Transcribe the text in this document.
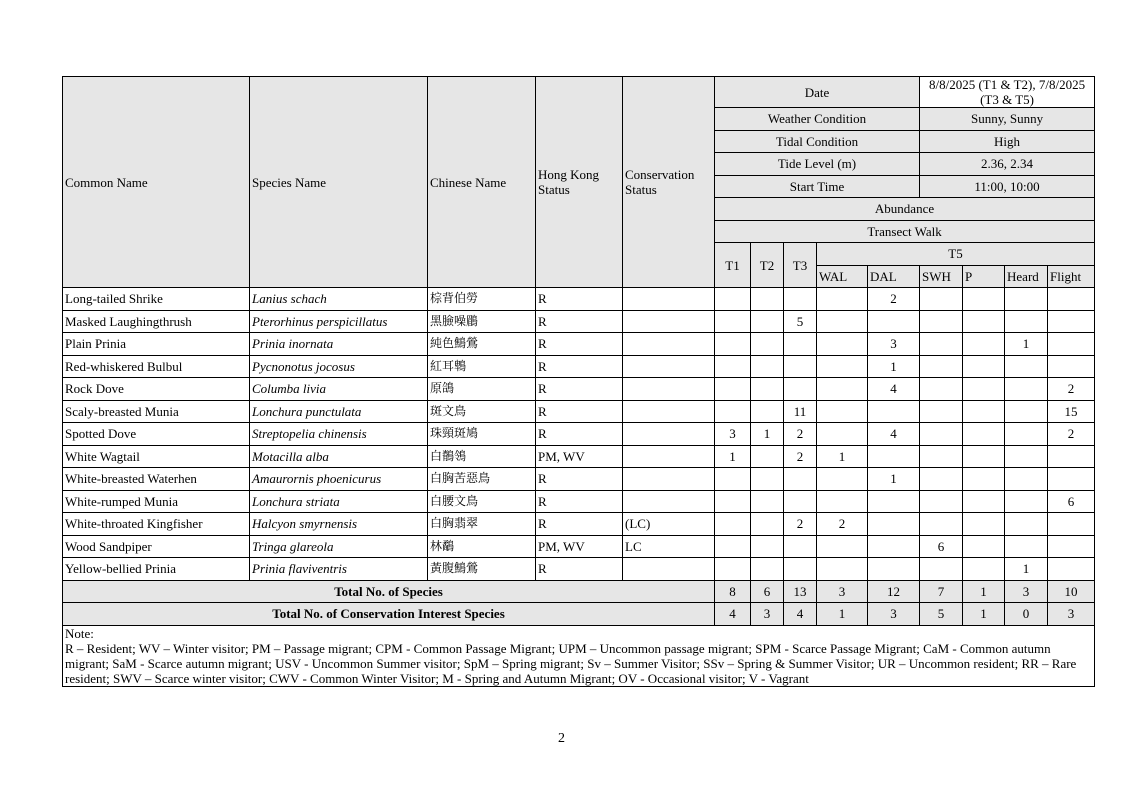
Common Name	Species Name	Chinese Name	Hong Kong Status	Conservation Status	Date					8/8/2025 (T1 & T2), 7/8/2025 (T3 & T5)			

					Weather Condition					Sunny, Sunny			
					Tidal Condition					High			
					Tide Level (m)					2.36, 2.34			
					Start Time					11:00, 10:00			
					Abundance								
					Transect Walk								
					T1	T2	T3	T5					
								WAL	DAL	SWH	P	Heard	Flight
Long-tailed Shrike	Lanius schach	棕背伯勞	R						2				
Masked Laughingthrush	Pterorhinus perspicillatus	黑臉噪鶥	R				5						
Plain Prinia	Prinia inornata	純色鷦鶯	R						3			1	
Red-whiskered Bulbul	Pycnonotus jocosus	紅耳鵯	R						1				
Rock Dove	Columba livia	原鴿	R						4				2
Scaly-breasted Munia	Lonchura punctulata	斑文鳥	R				11						15
Spotted Dove	Streptopelia chinensis	珠頸斑鳩	R		3	1	2		4				2
White Wagtail	Motacilla alba	白鶺鴒	PM, WV		1		2	1					
White-breasted Waterhen	Amaurornis phoenicurus	白胸苦惡鳥	R						1				
White-rumped Munia	Lonchura striata	白腰文鳥	R										6
White-throated Kingfisher	Halcyon smyrnensis	白胸翡翠	R	(LC)			2	2					
Wood Sandpiper	Tringa glareola	林鷸	PM, WV	LC						6			
Yellow-bellied Prinia	Prinia flaviventris	黃腹鷦鶯	R									1	
Total No. of Species					8	6	13	3	12	7	1	3	10
Total No. of Conservation Interest Species					4	3	4	1	3	5	1	0	3

Note:
R – Resident; WV – Winter visitor; PM – Passage migrant; CPM - Common Passage Migrant; UPM – Uncommon passage migrant; SPM - Scarce Passage Migrant; CaM - Common autumn migrant; SaM - Scarce autumn migrant; USV - Uncommon Summer visitor; SpM – Spring migrant; Sv – Summer Visitor; SSv – Spring & Summer Visitor; UR – Uncommon resident; RR – Rare resident; SWV – Scarce winter visitor; CWV - Common Winter Visitor; M - Spring and Autumn Migrant; OV - Occasional visitor; V - Vagrant													
2
